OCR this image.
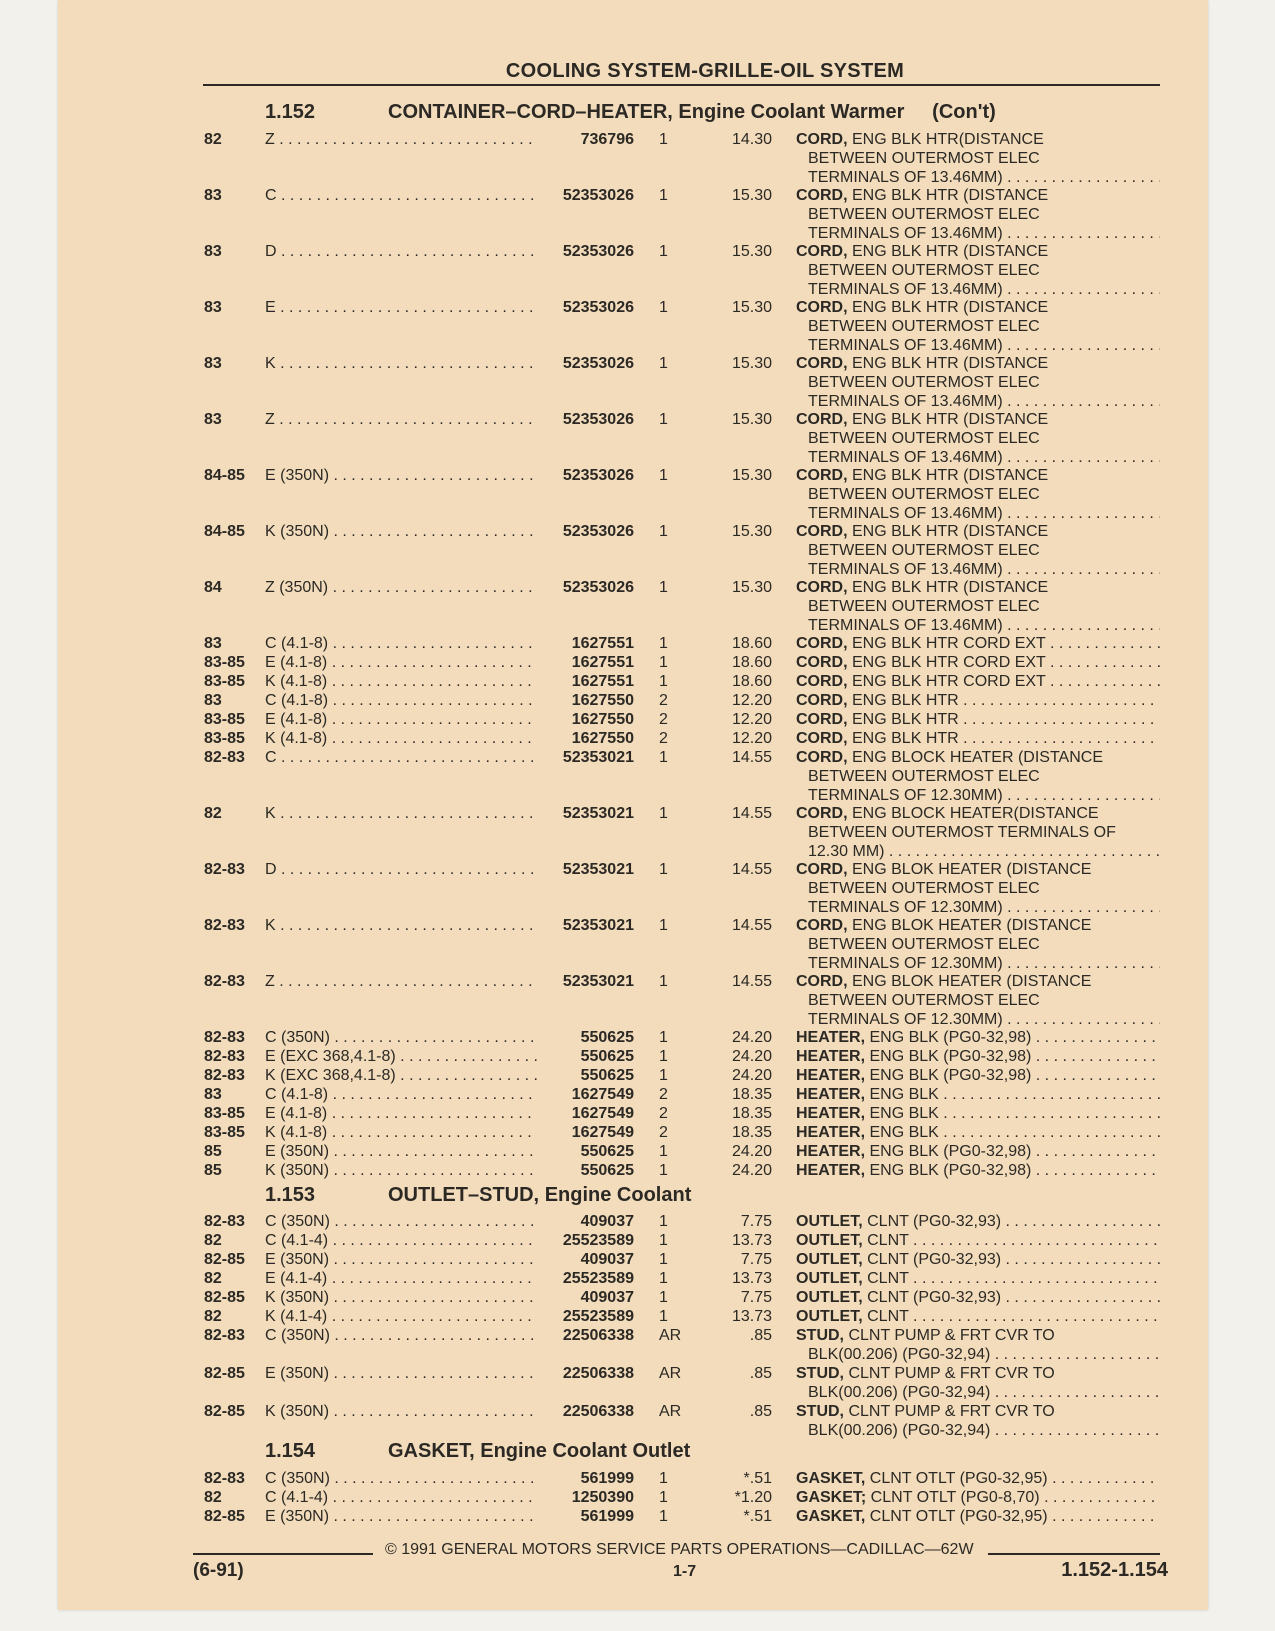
COOLING SYSTEM-GRILLE-OIL SYSTEM
1.152	CONTAINER–CORD–HEATER, Engine Coolant Warmer (Con't)
1.153	OUTLET–STUD, Engine Coolant
1.154	GASKET, Engine Coolant Outlet
82	Z . . .	736796 1	14.30 CORD, ENG BLK HTR(DISTANCE
BETWEEN OUTERMOST ELEC
TERMINALS OF 13.46MM) . . .
83	C . . .	52353026 1	15.30 CORD, ENG BLK HTR (DISTANCE
BETWEEN OUTERMOST ELEC
TERMINALS OF 13.46MM) . . .
83	D . . .	52353026 1	15.30 CORD, ENG BLK HTR (DISTANCE
BETWEEN OUTERMOST ELEC
TERMINALS OF 13.46MM) . . .
83	E . . .	52353026 1	15.30 CORD, ENG BLK HTR (DISTANCE
BETWEEN OUTERMOST ELEC
TERMINALS OF 13.46MM) . . .
83	K . . .	52353026 1	15.30 CORD, ENG BLK HTR (DISTANCE
BETWEEN OUTERMOST ELEC
TERMINALS OF 13.46MM) . . .
83	Z . . .	52353026 1	15.30 CORD, ENG BLK HTR (DISTANCE
BETWEEN OUTERMOST ELEC
TERMINALS OF 13.46MM) . . .
84-85 E (350N) . . .	52353026 1	15.30 CORD, ENG BLK HTR (DISTANCE
BETWEEN OUTERMOST ELEC
TERMINALS OF 13.46MM) . . .
84-85 K (350N) . . .	52353026 1	15.30 CORD, ENG BLK HTR (DISTANCE
BETWEEN OUTERMOST ELEC
TERMINALS OF 13.46MM) . . .
84	Z (350N) . . .	52353026 1	15.30 CORD, ENG BLK HTR (DISTANCE
BETWEEN OUTERMOST ELEC
TERMINALS OF 13.46MM) . . .
83	C (4.1-8) . . .	1627551 1	18.60 CORD, ENG BLK HTR CORD EXT . . .
83-85 E (4.1-8) . . .	1627551 1	18.60 CORD, ENG BLK HTR CORD EXT . . .
83-85 K (4.1-8) . . .	1627551 1	18.60 CORD, ENG BLK HTR CORD EXT . . .
83	C (4.1-8) . . .	1627550 2	12.20 CORD, ENG BLK HTR . . .
83-85 E (4.1-8) . . .	1627550 2	12.20 CORD, ENG BLK HTR . . .
83-85 K (4.1-8) . . .	1627550 2	12.20 CORD, ENG BLK HTR . . .
82-83 C . . .	52353021 1	14.55 CORD, ENG BLOCK HEATER (DISTANCE
BETWEEN OUTERMOST ELEC
TERMINALS OF 12.30MM) . . .
82	K . . .	52353021 1	14.55 CORD, ENG BLOCK HEATER(DISTANCE
BETWEEN OUTERMOST TERMINALS OF
12.30 MM) . . .
82-83 D . . .	52353021 1	14.55 CORD, ENG BLOK HEATER (DISTANCE
BETWEEN OUTERMOST ELEC
TERMINALS OF 12.30MM) . . .
82-83 K . . .	52353021 1	14.55 CORD, ENG BLOK HEATER (DISTANCE
BETWEEN OUTERMOST ELEC
TERMINALS OF 12.30MM) . . .
82-83 Z . . .	52353021 1	14.55 CORD, ENG BLOK HEATER (DISTANCE
BETWEEN OUTERMOST ELEC
TERMINALS OF 12.30MM) . . .
82-83 C (350N) . . .	550625 1	24.20 HEATER, ENG BLK (PG0-32,98) . . .
82-83 E (EXC 368,4.1-8) . . .	550625 1	24.20 HEATER, ENG BLK (PG0-32,98) . . .
82-83 K (EXC 368,4.1-8) . . .	550625 1	24.20 HEATER, ENG BLK (PG0-32,98) . . .
83	C (4.1-8) . . .	1627549 2	18.35 HEATER, ENG BLK . . .
83-85 E (4.1-8) . . .	1627549 2	18.35 HEATER, ENG BLK . . .
83-85 K (4.1-8) . . .	1627549 2	18.35 HEATER, ENG BLK . . .
85	E (350N) . . .	550625 1	24.20 HEATER, ENG BLK (PG0-32,98) . . .
85	K (350N) . . .	550625 1	24.20 HEATER, ENG BLK (PG0-32,98) . . .
82-83 C (350N) . . .	409037 1	7.75 OUTLET, CLNT (PG0-32,93) . . .
82	C (4.1-4) . . .	25523589 1	13.73 OUTLET, CLNT . . .
82-85 E (350N) . . .	409037 1	7.75 OUTLET, CLNT (PG0-32,93) . . .
82	E (4.1-4) . . .	25523589 1	13.73 OUTLET, CLNT . . .
82-85 K (350N) . . .	409037 1	7.75 OUTLET, CLNT (PG0-32,93) . . .
82	K (4.1-4) . . .	25523589 1	13.73 OUTLET, CLNT . . .
82-83 C (350N) . . .	22506338 AR	.85 STUD, CLNT PUMP & FRT CVR TO
BLK(00.206) (PG0-32,94) . . .
82-85 E (350N) . . .	22506338 AR	.85 STUD, CLNT PUMP & FRT CVR TO
BLK(00.206) (PG0-32,94) . . .
82-85 K (350N) . . .	22506338 AR	.85 STUD, CLNT PUMP & FRT CVR TO
BLK(00.206) (PG0-32,94) . . .
82-83 C (350N) . . .	561999 1	*.51 GASKET, CLNT OTLT (PG0-32,95) . . .
82	C (4.1-4) . . .	1250390 1	*1.20 GASKET; CLNT OTLT (PG0-8,70) . . .
82-85 E (350N) . . .	561999 1	*.51 GASKET, CLNT OTLT (PG0-32,95) . . .
© 1991 GENERAL MOTORS SERVICE PARTS OPERATIONS—CADILLAC—62W
(6-91)	1-7	1.152-1.154
